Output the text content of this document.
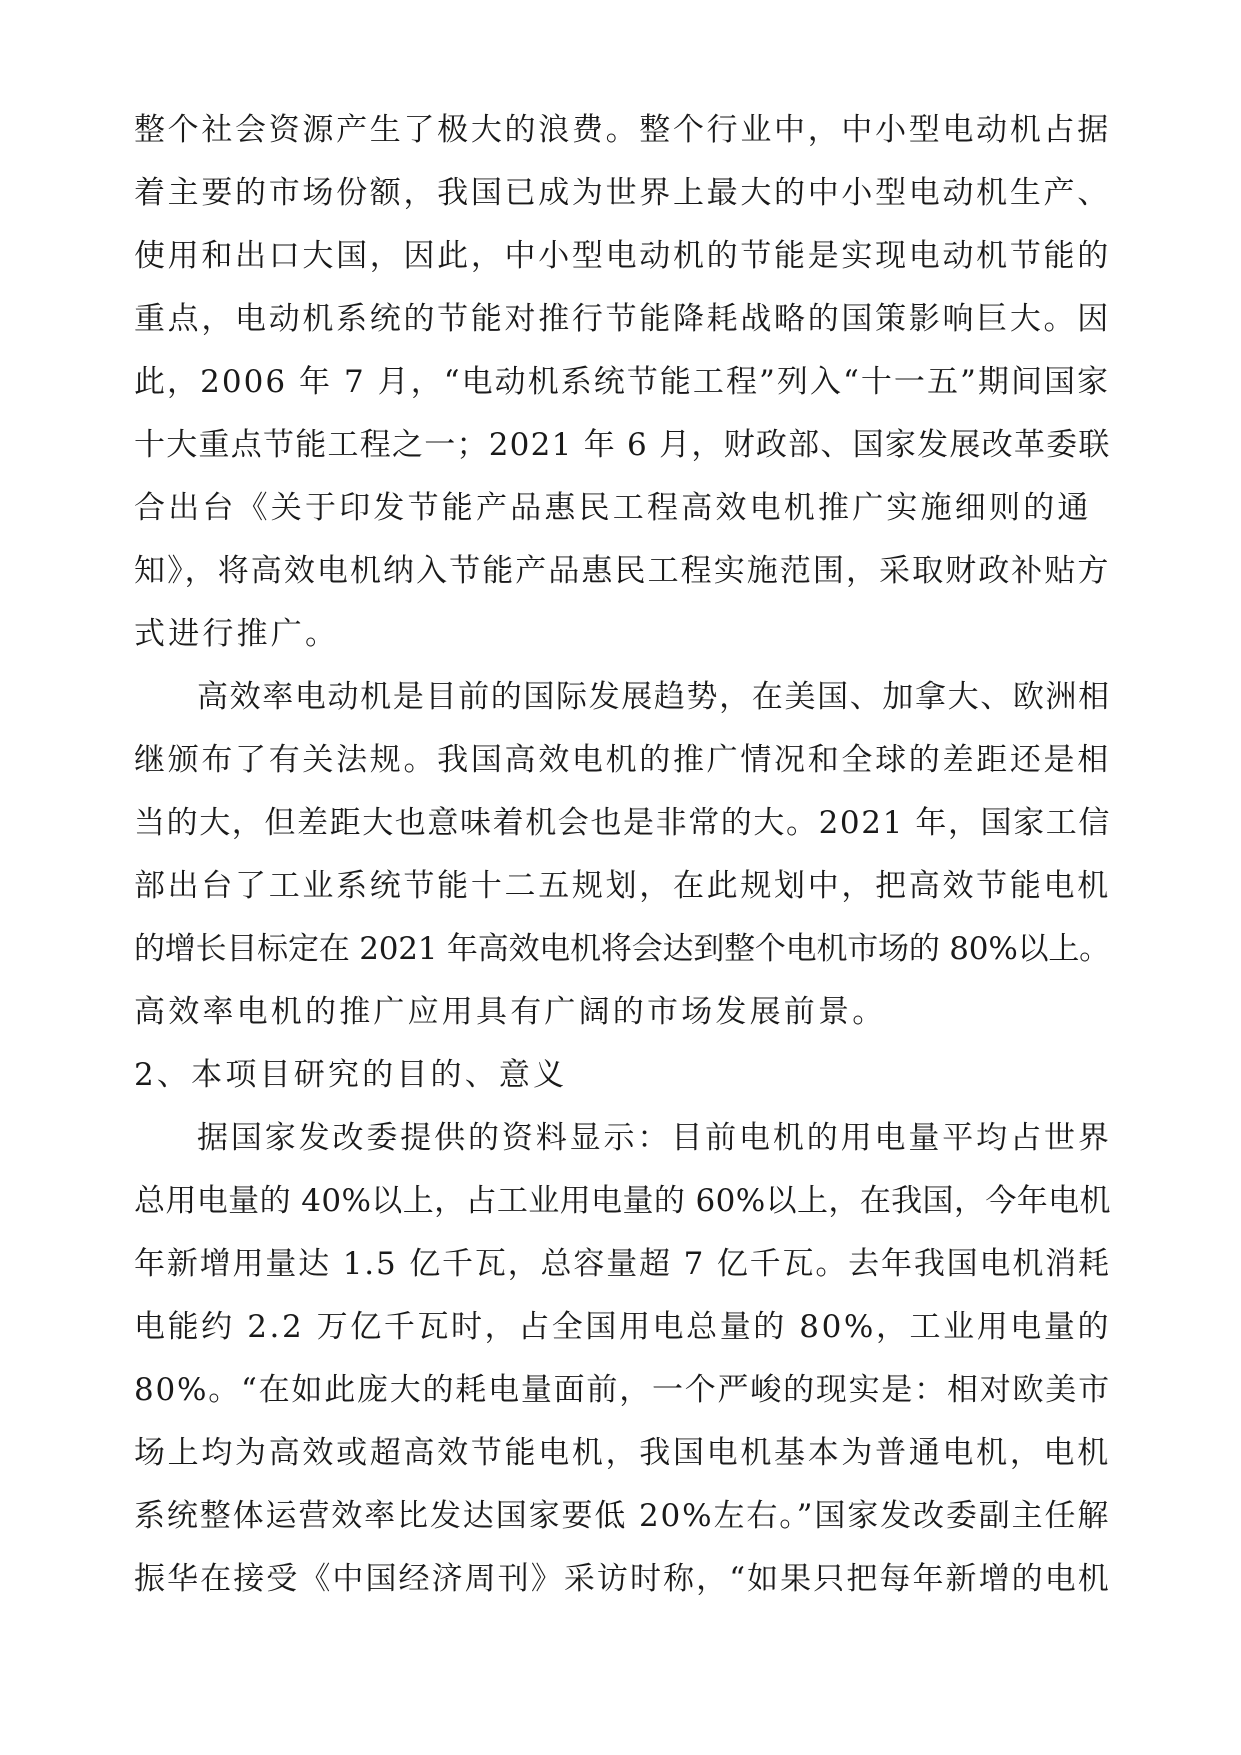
整个社会资源产生了极大的浪费。整个行业中，中小型电动机占据
着主要的市场份额，我国已成为世界上最大的中小型电动机生产、
使用和出口大国，因此，中小型电动机的节能是实现电动机节能的
重点，电动机系统的节能对推行节能降耗战略的国策影响巨大。因
此，2006 年 7 月，“电动机系统节能工程”列入“十一五”期间国家
十大重点节能工程之一；2021 年 6 月，财政部、国家发展改革委联
合出台《关于印发节能产品惠民工程高效电机推广实施细则的通
知》，将高效电机纳入节能产品惠民工程实施范围，采取财政补贴方
式进行推广。
高效率电动机是目前的国际发展趋势，在美国、加拿大、欧洲相
继颁布了有关法规。我国高效电机的推广情况和全球的差距还是相
当的大，但差距大也意味着机会也是非常的大。2021 年，国家工信
部出台了工业系统节能十二五规划，在此规划中，把高效节能电机
的增长目标定在 2021 年高效电机将会达到整个电机市场的 80%以上。
高效率电机的推广应用具有广阔的市场发展前景。
2、本项目研究的目的、意义
据国家发改委提供的资料显示：目前电机的用电量平均占世界
总用电量的 40%以上，占工业用电量的 60%以上，在我国，今年电机
年新增用量达 1.5 亿千瓦，总容量超 7 亿千瓦。去年我国电机消耗
电能约 2.2 万亿千瓦时，占全国用电总量的 80%，工业用电量的
80%。“在如此庞大的耗电量面前，一个严峻的现实是：相对欧美市
场上均为高效或超高效节能电机，我国电机基本为普通电机，电机
系统整体运营效率比发达国家要低 20%左右。”国家发改委副主任解
振华在接受《中国经济周刊》采访时称，“如果只把每年新增的电机
